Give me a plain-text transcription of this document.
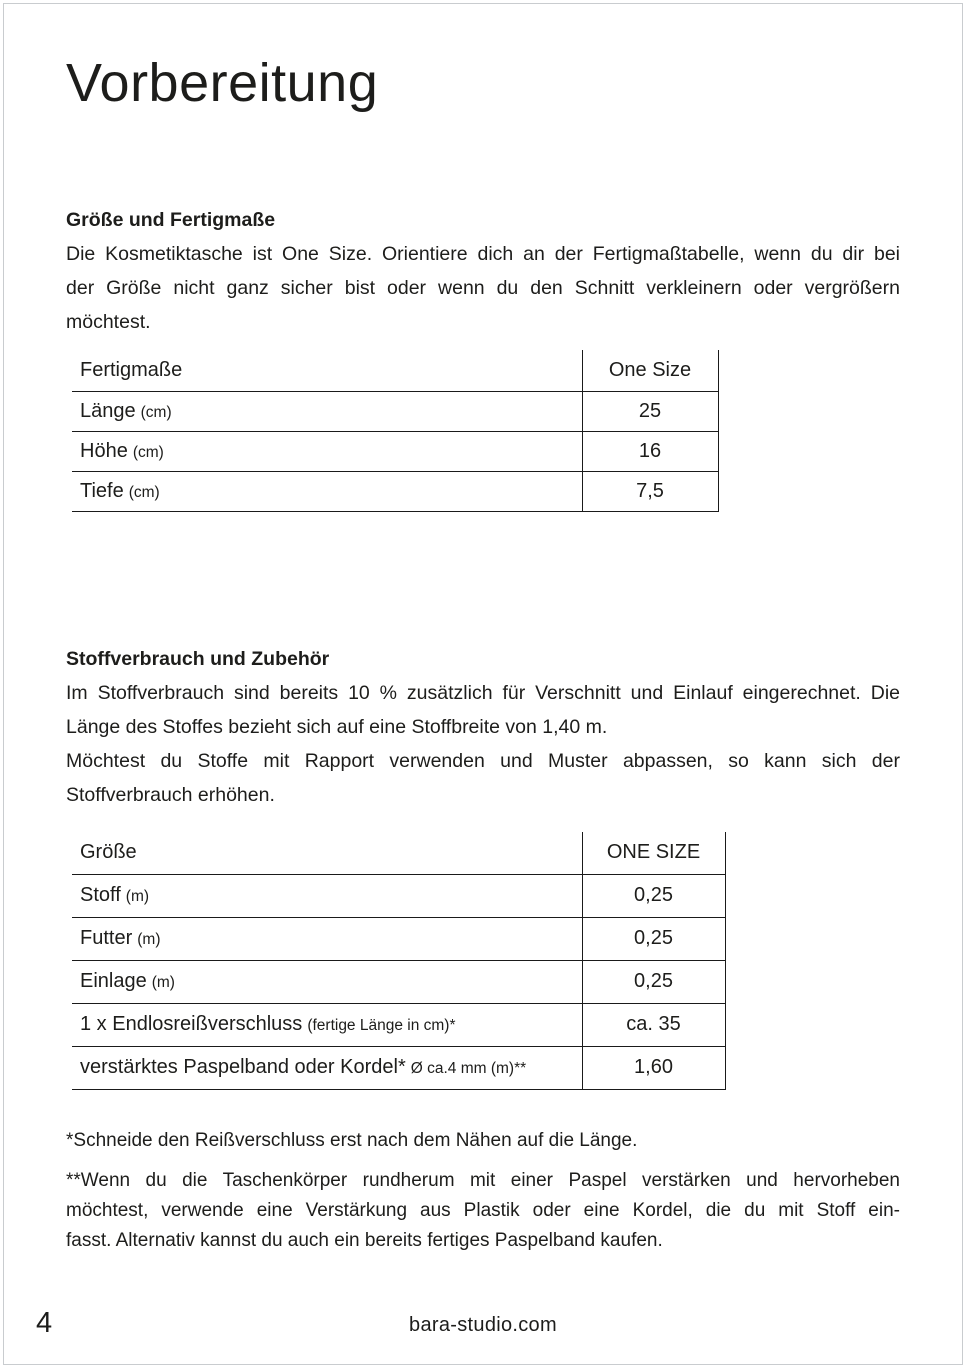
Vorbereitung
Größe und Fertigmaße

Die Kosmetiktasche ist One Size. Orientiere dich an der Fertigmaßtabelle, wenn du dir bei
der Größe nicht ganz sicher bist oder wenn du den Schnitt verkleinern oder vergrößern
möchtest.

Fertigmaße	One Size
Länge (cm)	25
Höhe (cm)	16
Tiefe (cm)	7,5
Stoffverbrauch und Zubehör

Im Stoffverbrauch sind bereits 10 % zusätzlich für Verschnitt und Einlauf eingerechnet. Die
Länge des Stoffes bezieht sich auf eine Stoffbreite von 1,40 m.

Möchtest du Stoffe mit Rapport verwenden und Muster abpassen, so kann sich der
Stoffverbrauch erhöhen.

Größe	ONE SIZE
Stoff (m)	0,25
Futter (m)	0,25
Einlage (m)	0,25
1 x Endlosreißverschluss (fertige Länge in cm)*	ca. 35
verstärktes Paspelband oder Kordel* Ø ca.4 mm (m)**	1,60

*Schneide den Reißverschluss erst nach dem Nähen auf die Länge.

**Wenn du die Taschenkörper rundherum mit einer Paspel verstärken und hervorheben
möchtest, verwende eine Verstärkung aus Plastik oder eine Kordel, die du mit Stoff ein-
fasst. Alternativ kannst du auch ein bereits fertiges Paspelband kaufen.

4	bara-studio.com
